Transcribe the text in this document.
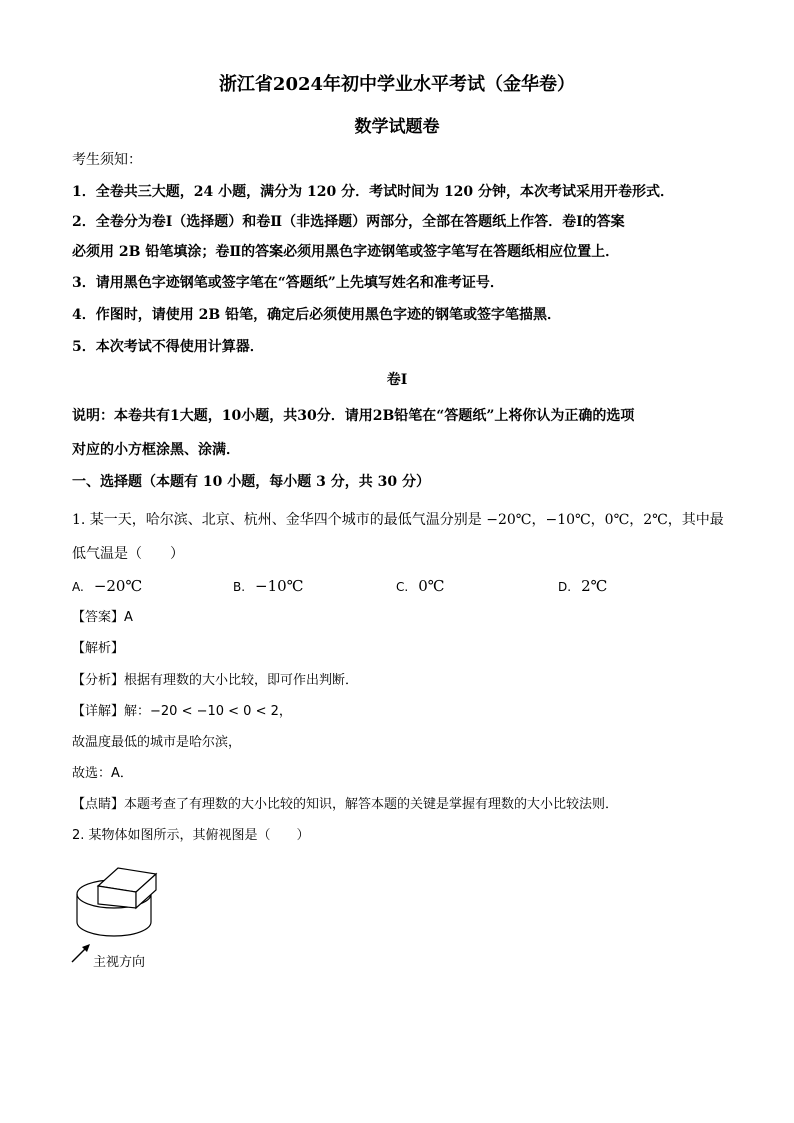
浙江省2024年初中学业水平考试（金华卷）
数学试题卷
考生须知：
1．全卷共三大题，24 小题，满分为 120 分．考试时间为 120 分钟，本次考试采用开卷形式．
2．全卷分为卷Ⅰ（选择题）和卷Ⅱ（非选择题）两部分，全部在答题纸上作答．卷Ⅰ的答案
必须用 2B 铅笔填涂；卷Ⅱ的答案必须用黑色字迹钢笔或签字笔写在答题纸相应位置上．
3．请用黑色字迹钢笔或签字笔在“答题纸”上先填写姓名和准考证号．
4．作图时，请使用 2B 铅笔，确定后必须使用黑色字迹的钢笔或签字笔描黑．
5．本次考试不得使用计算器．
卷Ⅰ
说明：本卷共有1大题，10小题，共30分．请用2B铅笔在“答题纸”上将你认为正确的选项
对应的小方框涂黑、涂满．
一、选择题（本题有 10 小题，每小题 3 分，共 30 分）
1. 某一天，哈尔滨、北京、杭州、金华四个城市的最低气温分别是 −20℃，−10℃，0℃，2℃，其中最
低气温是（　　）
A. −20℃	B. −10℃	C. 0℃	D. 2℃
【答案】A
【解析】
【分析】根据有理数的大小比较，即可作出判断．
【详解】解：−20 < −10 < 0 < 2，
故温度最低的城市是哈尔滨，
故选：A．
【点睛】本题考查了有理数的大小比较的知识，解答本题的关键是掌握有理数的大小比较法则．
2. 某物体如图所示，其俯视图是（　　）
主视方向
